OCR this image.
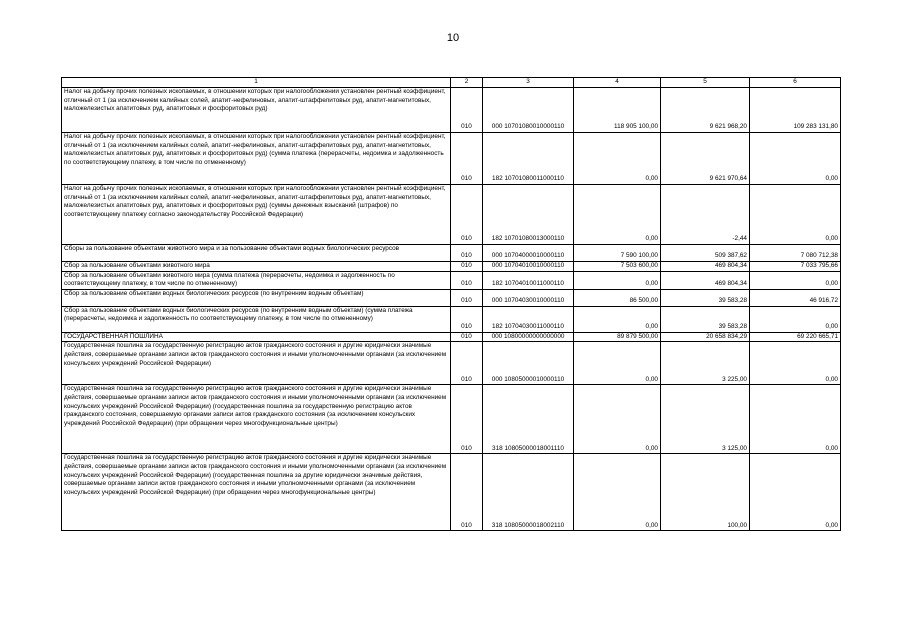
10
1	2	3	4	5	6
Налог на добычу прочих полезных ископаемых, в отношении которых при налогообложении установлен рентный коэффициент, отличный от 1 (за исключением калийных солей, апатит-нефелиновых, апатит-штаффелитовых руд, апатит-магнетитовых, маложелезистых апатитовых руд, апатитовых и фосфоритовых руд)	010	000 10701080010000110	118 905 100,00	9 621 968,20	109 283 131,80
Налог на добычу прочих полезных ископаемых, в отношении которых при налогообложении установлен рентный коэффициент, отличный от 1 (за исключением калийных солей, апатит-нефелиновых, апатит-штаффелитовых руд, апатит-магнетитовых, маложелезистых апатитовых руд, апатитовых и фосфоритовых руд) (сумма платежа (перерасчеты, недоимка и задолженность по соответствующему платежу, в том числе по отмененному)	010	182 10701080011000110	0,00	9 621 970,64	0,00
Налог на добычу прочих полезных ископаемых, в отношении которых при налогообложении установлен рентный коэффициент, отличный от 1 (за исключением калийных солей, апатит-нефелиновых, апатит-штаффелитовых руд, апатит-магнетитовых, маложелезистых апатитовых руд, апатитовых и фосфоритовых руд) (суммы денежных взысканий (штрафов) по соответствующему платежу согласно законодательству Российской Федерации)	010	182 10701080013000110	0,00	-2,44	0,00
Сборы за пользование объектами животного мира и за пользование объектами водных биологических ресурсов	010	000 10704000010000110	7 590 100,00	509 387,62	7 080 712,38
Сбор за пользование объектами животного мира	010	000 10704010010000110	7 503 600,00	469 804,34	7 033 795,66
Сбор за пользование объектами животного мира (сумма платежа (перерасчеты, недоимка и задолженность по соответствующему платежу, в том числе по отмененному)	010	182 10704010011000110	0,00	469 804,34	0,00
Сбор за пользование объектами водных биологических ресурсов (по внутренним водным объектам)	010	000 10704030010000110	86 500,00	39 583,28	46 916,72
Сбор за пользование объектами водных биологических ресурсов (по внутренним водным объектам) (сумма платежа (перерасчеты, недоимка и задолженность по соответствующему платежу, в том числе по отмененному)	010	182 10704030011000110	0,00	39 583,28	0,00
ГОСУДАРСТВЕННАЯ ПОШЛИНА	010	000 10800000000000000	89 879 500,00	20 658 834,29	69 220 665,71
Государственная пошлина за государственную регистрацию актов гражданского состояния и другие юридически значимые действия, совершаемые органами записи актов гражданского состояния и иными уполномоченными органами (за исключением консульских учреждений Российской Федерации)	010	000 10805000010000110	0,00	3 225,00	0,00
Государственная пошлина за государственную регистрацию актов гражданского состояния и другие юридически значимые действия, совершаемые органами записи актов гражданского состояния и иными уполномоченными органами (за исключением консульских учреждений Российской Федерации) (государственная пошлина за государственную регистрацию актов гражданского состояния, совершаемую органами записи актов гражданского состояния (за исключением консульских учреждений Российской Федерации) (при обращении через многофункциональные центры)	010	318 10805000018001110	0,00	3 125,00	0,00
Государственная пошлина за государственную регистрацию актов гражданского состояния и другие юридически значимые действия, совершаемые органами записи актов гражданского состояния и иными уполномоченными органами (за исключением консульских учреждений Российской Федерации) (государственная пошлина за другие юридически значимые действия, совершаемые органами записи актов гражданского состояния и иными уполномоченными органами (за исключением консульских учреждений Российской Федерации) (при обращении через многофункциональные центры)	010	318 10805000018002110	0,00	100,00	0,00
